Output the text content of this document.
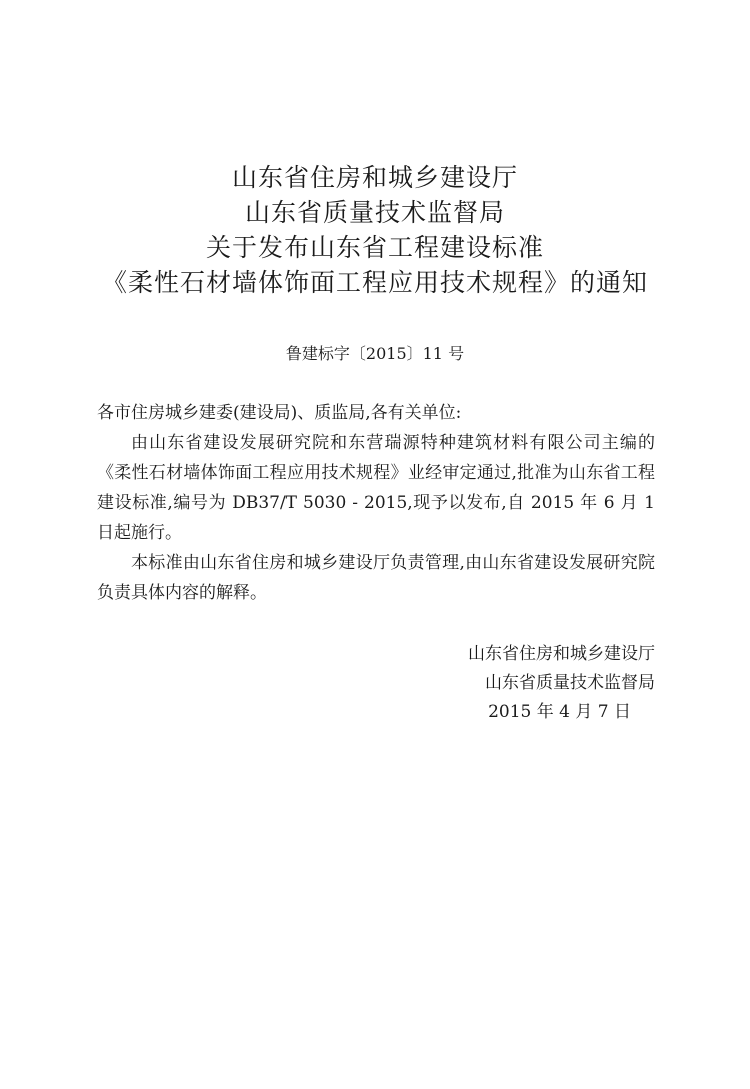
山东省住房和城乡建设厅
山东省质量技术监督局
关于发布山东省工程建设标准
《柔性石材墙体饰面工程应用技术规程》的通知
鲁建标字〔2015〕11 号

各市住房城乡建委(建设局)、质监局,各有关单位:

由山东省建设发展研究院和东营瑞源特种建筑材料有限公司主编的《柔性石材墙体饰面工程应用技术规程》业经审定通过,批准为山东省工程建设标准,编号为 DB37/T 5030 - 2015,现予以发布,自 2015 年 6 月 1 日起施行。

本标准由山东省住房和城乡建设厅负责管理,由山东省建设发展研究院负责具体内容的解释。

山东省住房和城乡建设厅
山东省质量技术监督局
2015 年 4 月 7 日
